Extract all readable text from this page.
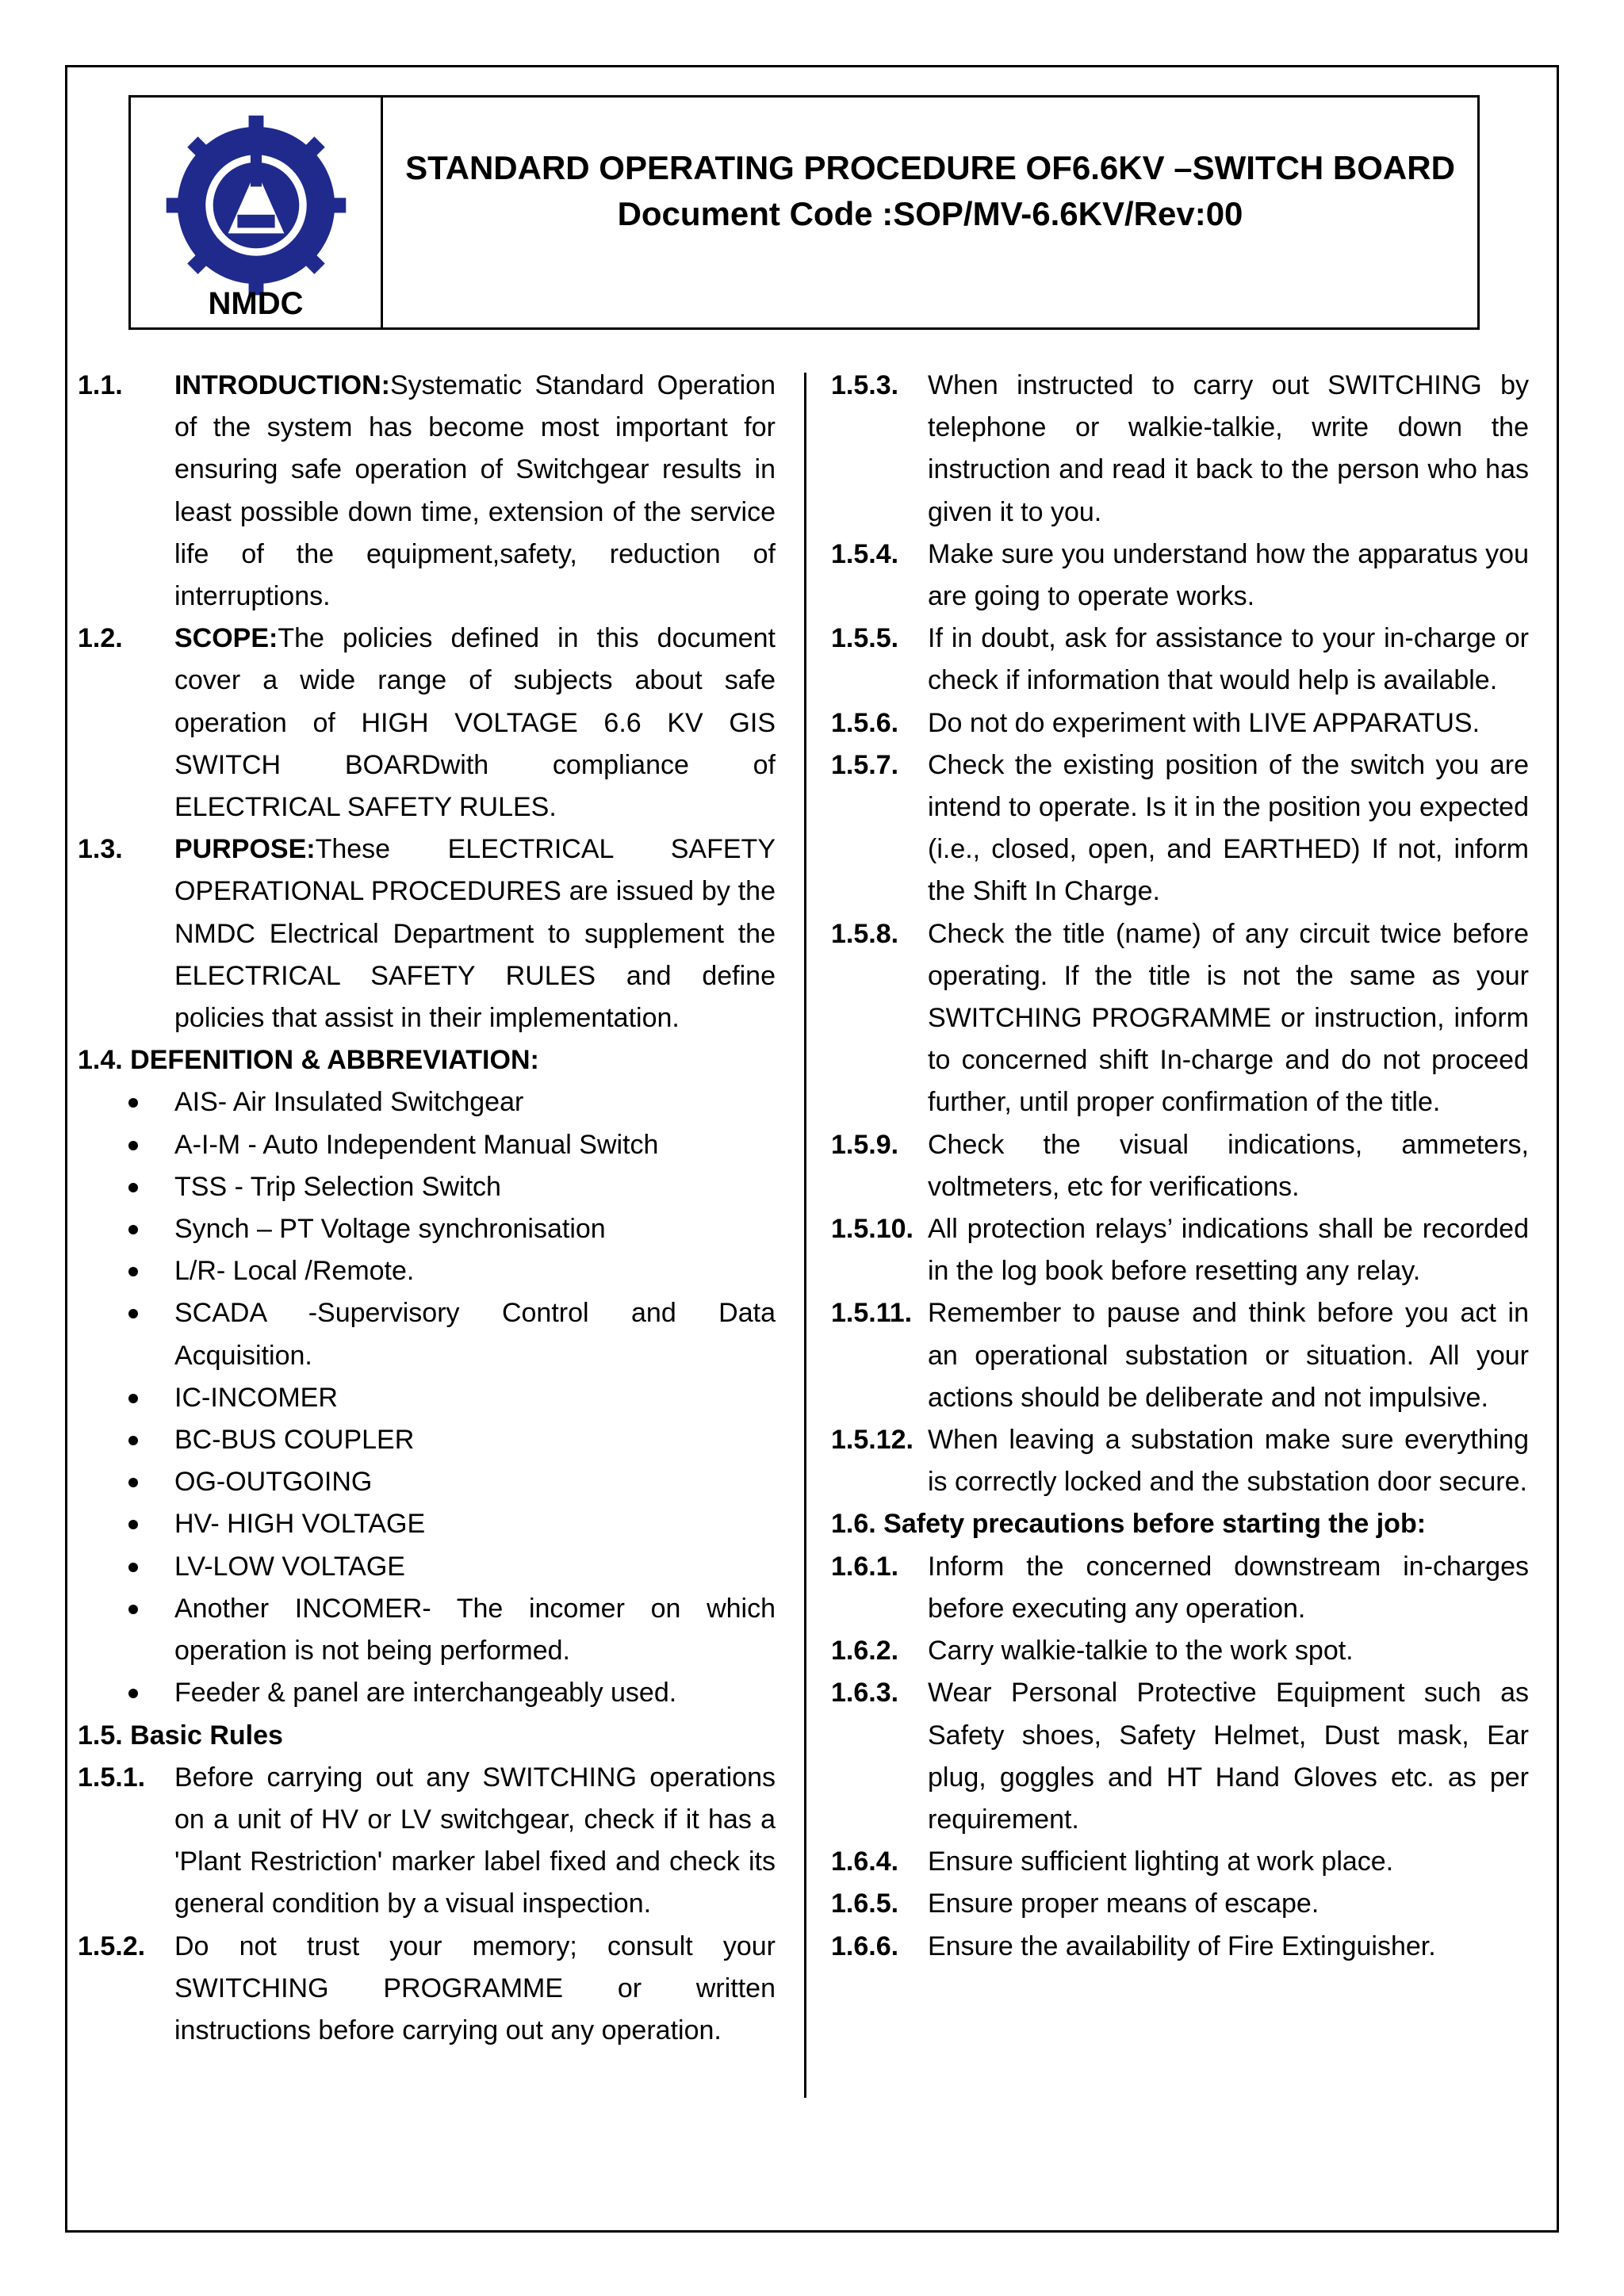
NMDC
STANDARD OPERATING PROCEDURE OF6.6KV –SWITCH BOARD
Document Code :SOP/MV-6.6KV/Rev:00
1.1.	INTRODUCTION:Systematic Standard Operation of the system has become most important for ensuring safe operation of Switchgear results in least possible down time, extension of the service life of the equipment,safety, reduction of interruptions.
1.2.	SCOPE:The policies defined in this document cover a wide range of subjects about safe operation of HIGH VOLTAGE 6.6 KV GIS SWITCH BOARDwith compliance of ELECTRICAL SAFETY RULES.
1.3.	PURPOSE:These ELECTRICAL SAFETY OPERATIONAL PROCEDURES are issued by the NMDC Electrical Department to supplement the ELECTRICAL SAFETY RULES and define policies that assist in their implementation.
1.4. DEFENITION & ABBREVIATION:
AIS- Air Insulated Switchgear
A-I-M - Auto Independent Manual Switch
TSS - Trip Selection Switch
Synch – PT Voltage synchronisation
L/R- Local /Remote.
SCADA -Supervisory Control and Data Acquisition.
IC-INCOMER
BC-BUS COUPLER
OG-OUTGOING
HV- HIGH VOLTAGE
LV-LOW VOLTAGE
Another INCOMER- The incomer on which operation is not being performed.
Feeder & panel are interchangeably used.
1.5. Basic Rules
1.5.1.	Before carrying out any SWITCHING operations on a unit of HV or LV switchgear, check if it has a 'Plant Restriction' marker label fixed and check its general condition by a visual inspection.
1.5.2.	Do not trust your memory; consult your SWITCHING PROGRAMME or written instructions before carrying out any operation.
1.5.3.	When instructed to carry out SWITCHING by telephone or walkie-talkie, write down the instruction and read it back to the person who has given it to you.
1.5.4.	Make sure you understand how the apparatus you are going to operate works.
1.5.5.	If in doubt, ask for assistance to your in-charge or check if information that would help is available.
1.5.6.	Do not do experiment with LIVE APPARATUS.
1.5.7.	Check the existing position of the switch you are intend to operate. Is it in the position you expected (i.e., closed, open, and EARTHED) If not, inform the Shift In Charge.
1.5.8.	Check the title (name) of any circuit twice before operating. If the title is not the same as your SWITCHING PROGRAMME or instruction, inform to concerned shift In-charge and do not proceed further, until proper confirmation of the title.
1.5.9.	Check the visual indications, ammeters, voltmeters, etc for verifications.
1.5.10. All protection relays’ indications shall be recorded in the log book before resetting any relay.
1.5.11. Remember to pause and think before you act in an operational substation or situation. All your actions should be deliberate and not impulsive.
1.5.12. When leaving a substation make sure everything is correctly locked and the substation door secure.
1.6. Safety precautions before starting the job:
1.6.1.	Inform the concerned downstream in-charges before executing any operation.
1.6.2.	Carry walkie-talkie to the work spot.
1.6.3.	Wear Personal Protective Equipment such as Safety shoes, Safety Helmet, Dust mask, Ear plug, goggles and HT Hand Gloves etc. as per requirement.
1.6.4.	Ensure sufficient lighting at work place.
1.6.5.	Ensure proper means of escape.
1.6.6.	Ensure the availability of Fire Extinguisher.
